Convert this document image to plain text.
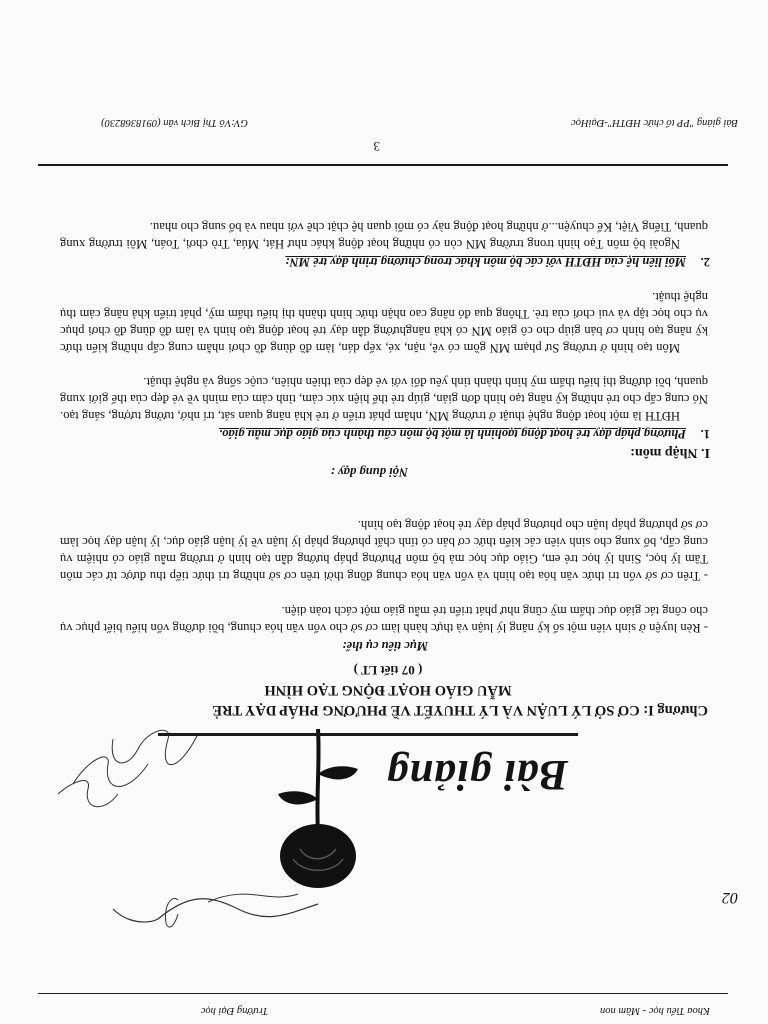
Khoa Tiểu học - Mầm non
Trường Đại học
02
Bài giảng
Chương I: CƠ SỞ LÝ LUẬN VÀ LÝ THUYẾT VỀ PHƯƠNG PHÁP DẠY TRẺ
MẪU GIÁO HOẠT ĐỘNG TẠO HÌNH
( 07 tiết LT )
Mục tiêu cụ thể:
- Rèn luyện ở sinh viên một số kỹ năng lý luận và thực hành làm cơ sở cho vốn văn hóa chung, bồi dưỡng vốn hiểu biết phục vụ cho công tác giáo dục thẩm mỹ cũng như phát triển trẻ mẫu giáo một cách toàn diện.
- Trên cơ sở vốn tri thức văn hóa tạo hình và vốn văn hóa chung đồng thời trên cơ sở những tri thức tiếp thu được từ các môn Tâm lý học, Sinh lý học trẻ em, Giáo dục học mà bộ môn Phương pháp hướng dẫn tạo hình ở trường mẫu giáo có nhiệm vụ cung cấp, bổ xung cho sinh viên các kiến thức cơ bản có tính chất phương pháp lý luận về lý luận giáo dục, lý luận dạy học làm cơ sở phương pháp luận cho phương pháp dạy trẻ hoạt động tạo hình.
Nội dung dạy :
I. Nhập môn:
1.
Phương pháp dạy trẻ hoạt động tạohình là một bộ môn cấu thành của giáo dục mẫu giáo.
HĐTH là một hoạt động nghệ thuật ở trường MN, nhằm phát triển ở trẻ khả năng quan sát, trí nhớ, tưởng tượng, sáng tạo. Nó cung cấp cho trẻ những kỹ năng tạo hình đơn giản, giúp trẻ thể hiện xúc cảm, tình cảm của mình về vẻ đẹp của thế giới xung quanh, bồi dưỡng thị hiếu thẩm mỹ hình thành tình yêu đối với vẻ đẹp của thiên nhiên, cuộc sống và nghệ thuật.
Môn tạo hình ở trường Sư phạm MN gồm có vẽ, nặn, xé, xếp dán, làm đồ dùng đồ chơi nhằm cung cấp những kiến thức kỹ năng tạo hình cơ bản giúp cho cô giáo MN có khả nănghướng dẫn dạy trẻ hoạt động tạo hình và làm đồ dùng đồ chơi phục vụ cho học tập và vui chơi của trẻ. Thông qua đó nâng cao nhận thức hình thành thị hiếu thẩm mỹ, phát triển khả năng cảm thụ nghệ thuật.
2.
Mối liên hệ của HĐTH với các bộ môn khác trong chương trình dạy trẻ MN:
Ngoài bộ môn Tạo hình trong trường MN còn có những hoạt động khác như Hát, Múa, Trò chơi, Toán, Môi trường xung quanh, Tiếng Việt, Kể chuyện...ở những hoạt động này có mối quan hệ chặt chẽ với nhau và bổ sung cho nhau.
3
Bài giảng "PP tổ chức HĐTH"-ĐạiHọc
GV:Võ Thị Bích vân (0918368230)
